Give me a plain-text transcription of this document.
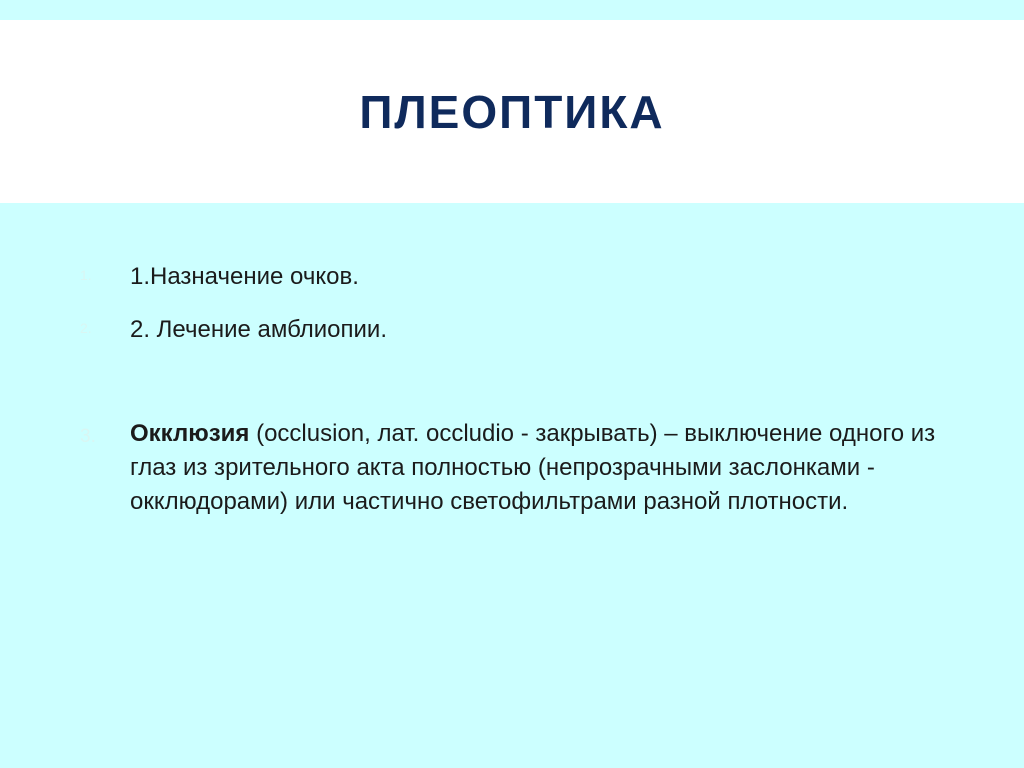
ПЛЕОПТИКА
1. 1.Назначение очков.
2. 2. Лечение амблиопии.
3. Окклюзия (occlusion, лат. occludio - закрывать) – выключение одного из глаз из зрительного акта полностью (непрозрачными заслонками - окклюдорами) или частично светофильтрами разной плотности.
